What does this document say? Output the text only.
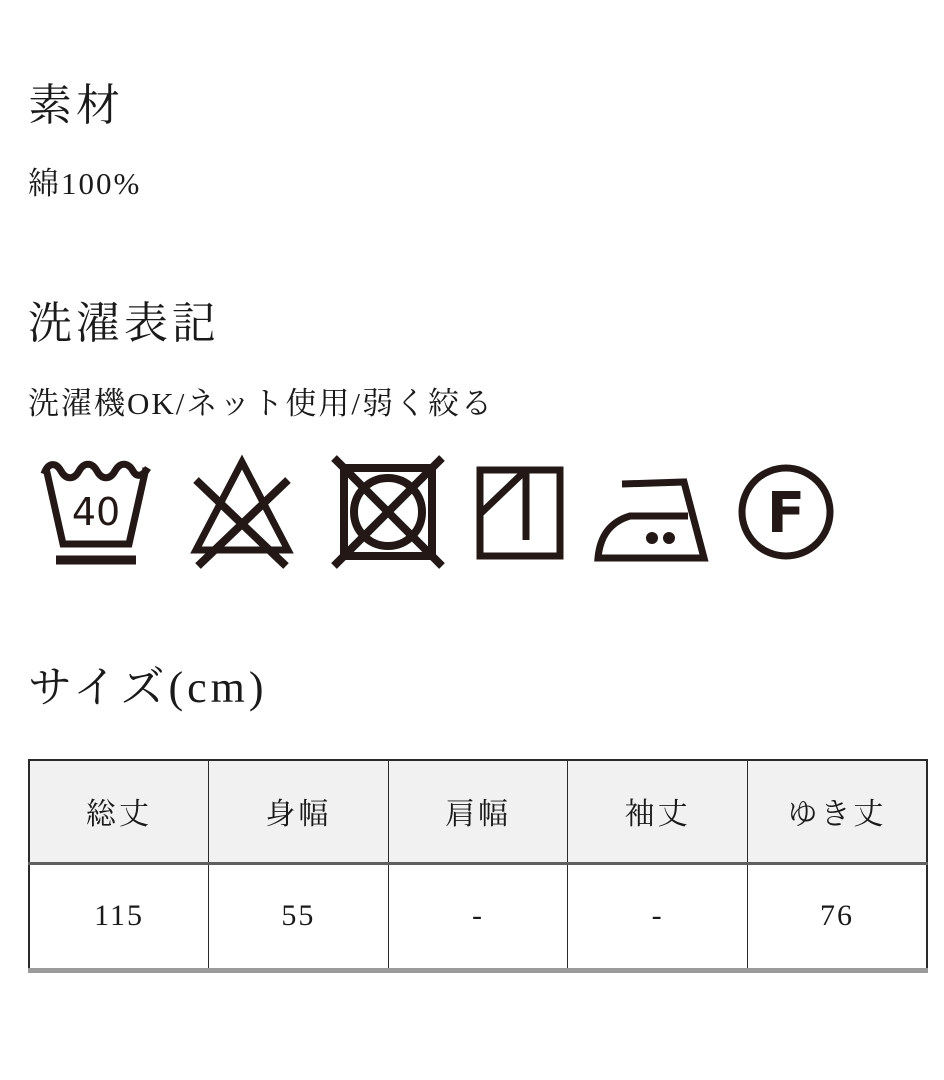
素材

綿100%

洗濯表記

洗濯機OK/ネット使用/弱く絞る

40	F
サイズ(cm)
総丈	身幅	肩幅	袖丈	ゆき丈
115	55	-	-	76
